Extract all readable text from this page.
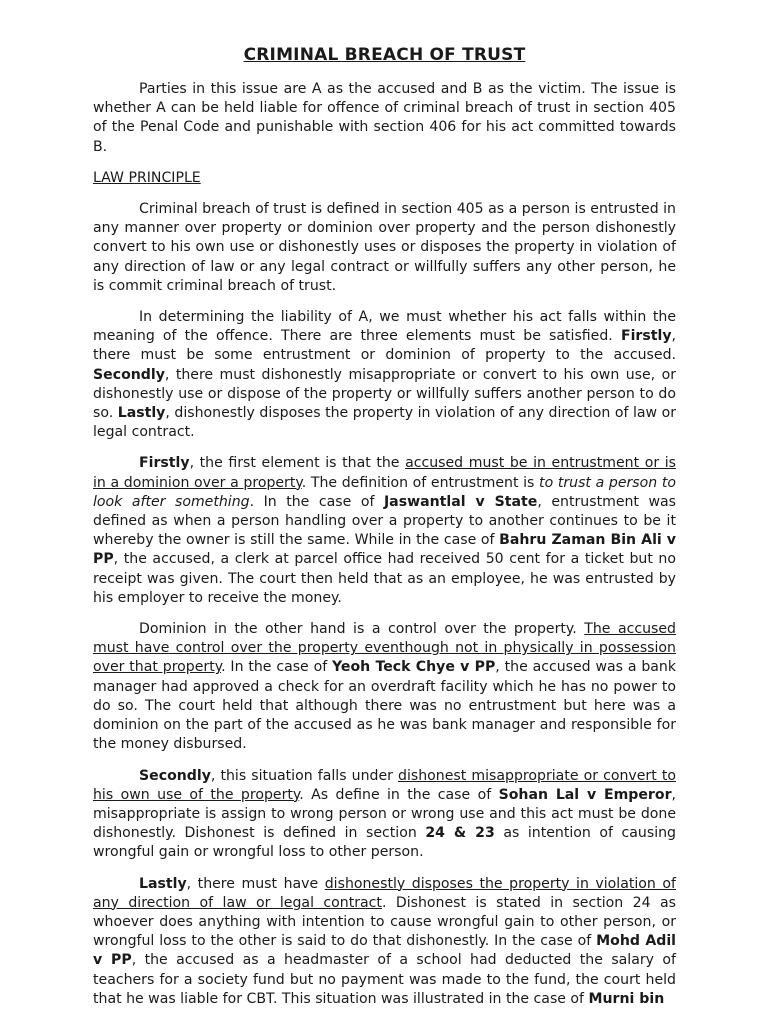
CRIMINAL BREACH OF TRUST

Parties in this issue are A as the accused and B as the victim. The issue is whether A can be held liable for offence of criminal breach of trust in section 405 of the Penal Code and punishable with section 406 for his act committed towards B.

LAW PRINCIPLE

Criminal breach of trust is defined in section 405 as a person is entrusted in any manner over property or dominion over property and the person dishonestly convert to his own use or dishonestly uses or disposes the property in violation of any direction of law or any legal contract or willfully suffers any other person, he is commit criminal breach of trust.

In determining the liability of A, we must whether his act falls within the meaning of the offence. There are three elements must be satisfied. Firstly, there must be some entrustment or dominion of property to the accused. Secondly, there must dishonestly misappropriate or convert to his own use, or dishonestly use or dispose of the property or willfully suffers another person to do so. Lastly, dishonestly disposes the property in violation of any direction of law or legal contract.

Firstly, the first element is that the accused must be in entrustment or is in a dominion over a property. The definition of entrustment is to trust a person to look after something. In the case of Jaswantlal v State, entrustment was defined as when a person handling over a property to another continues to be it whereby the owner is still the same. While in the case of Bahru Zaman Bin Ali v PP, the accused, a clerk at parcel office had received 50 cent for a ticket but no receipt was given. The court then held that as an employee, he was entrusted by his employer to receive the money.

Dominion in the other hand is a control over the property. The accused must have control over the property eventhough not in physically in possession over that property. In the case of Yeoh Teck Chye v PP, the accused was a bank manager had approved a check for an overdraft facility which he has no power to do so. The court held that although there was no entrustment but here was a dominion on the part of the accused as he was bank manager and responsible for the money disbursed.

Secondly, this situation falls under dishonest misappropriate or convert to his own use of the property. As define in the case of Sohan Lal v Emperor, misappropriate is assign to wrong person or wrong use and this act must be done dishonestly. Dishonest is defined in section 24 & 23 as intention of causing wrongful gain or wrongful loss to other person.

Lastly, there must have dishonestly disposes the property in violation of any direction of law or legal contract. Dishonest is stated in section 24 as whoever does anything with intention to cause wrongful gain to other person, or wrongful loss to the other is said to do that dishonestly. In the case of Mohd Adil v PP, the accused as a headmaster of a school had deducted the salary of teachers for a society fund but no payment was made to the fund, the court held that he was liable for CBT. This situation was illustrated in the case of Murni bin
